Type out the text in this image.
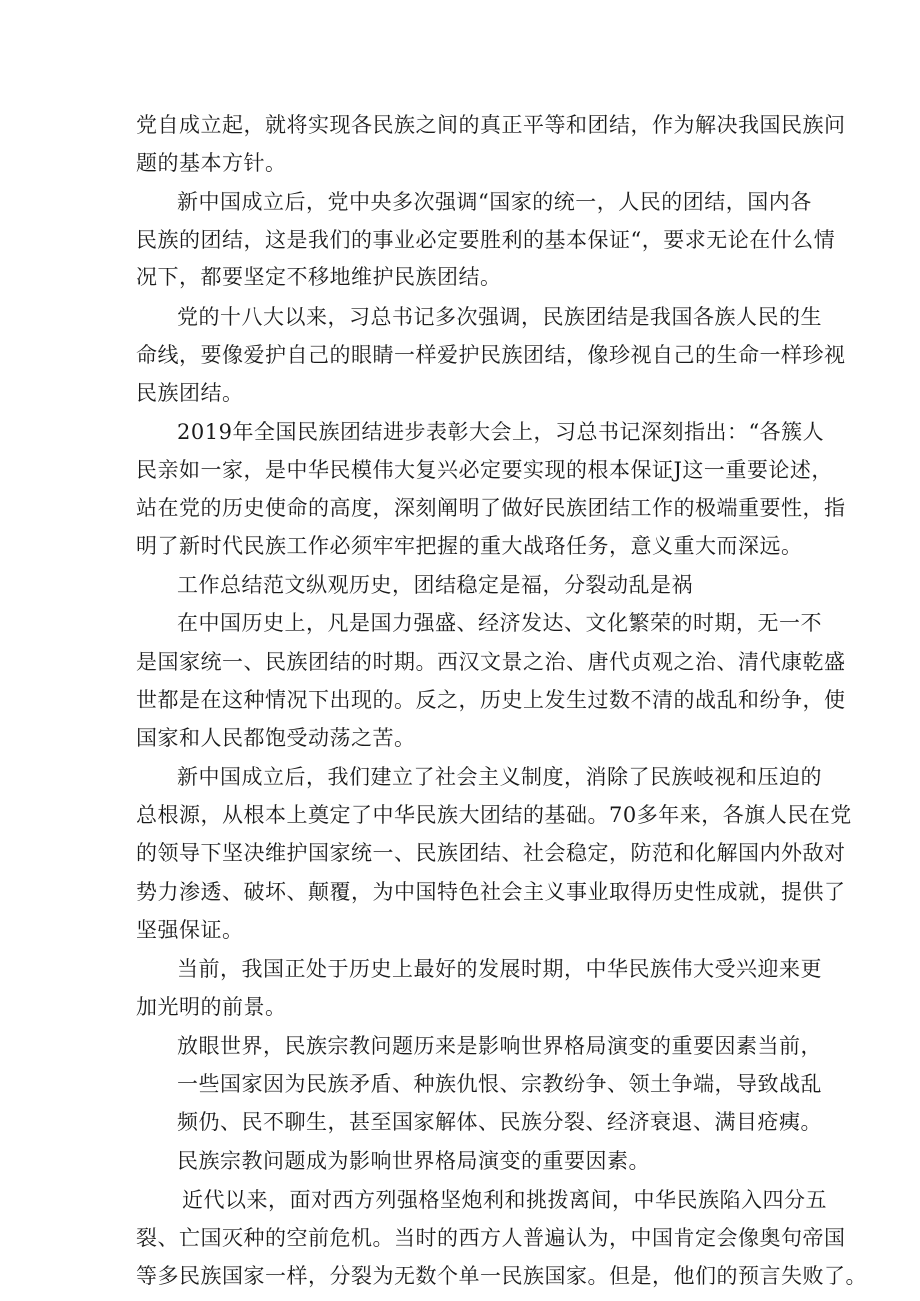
党自成立起，就将实现各民族之间的真正平等和团结，作为解决我国民族问
题的基本方针。
新中国成立后，党中央多次强调“国家的统一，人民的团结，国内各
民族的团结，这是我们的事业必定要胜利的基本保证“，要求无论在什么情
况下，都要坚定不移地维护民族团结。
党的十八大以来，习总书记多次强调，民族团结是我国各族人民的生
命线，要像爱护自己的眼睛一样爱护民族团结，像珍视自己的生命一样珍视
民族团结。
2019年全国民族团结进步表彰大会上，习总书记深刻指出：“各簇人
民亲如一家，是中华民模伟大复兴必定要实现的根本保证J这一重要论述，
站在党的历史使命的高度，深刻阐明了做好民族团结工作的极端重要性，指
明了新时代民族工作必须牢牢把握的重大战珞任务，意义重大而深远。
工作总结范文纵观历史，团结稳定是福，分裂动乱是祸
在中国历史上，凡是国力强盛、经济发达、文化繁荣的时期，无一不
是国家统一、民族团结的时期。西汉文景之治、唐代贞观之治、清代康乾盛
世都是在这种情况下出现的。反之，历史上发生过数不清的战乱和纷争，使
国家和人民都饱受动荡之苦。
新中国成立后，我们建立了社会主义制度，消除了民族岐视和压迫的
总根源，从根本上奠定了中华民族大团结的基础。70多年来，各旗人民在党
的领导下坚决维护国家统一、民族团结、社会稳定，防范和化解国内外敌对
势力渗透、破坏、颠覆，为中国特色社会主义事业取得历史性成就，提供了
坚强保证。
当前，我国正处于历史上最好的发展时期，中华民族伟大受兴迎来更
加光明的前景。
放眼世界，民族宗教问题历来是影响世界格局演变的重要因素当前，
一些国家因为民族矛盾、种族仇恨、宗教纷争、领土争端，导致战乱
频仍、民不聊生，甚至国家解体、民族分裂、经济衰退、满目疮痍。
民族宗教问题成为影响世界格局演变的重要因素。
近代以来，面对西方列强格坚炮利和挑拨离间，中华民族陷入四分五
裂、亡国灭种的空前危机。当时的西方人普遍认为，中国肯定会像奥句帝国
等多民族国家一样，分裂为无数个单一民族国家。但是，他们的预言失败了。
